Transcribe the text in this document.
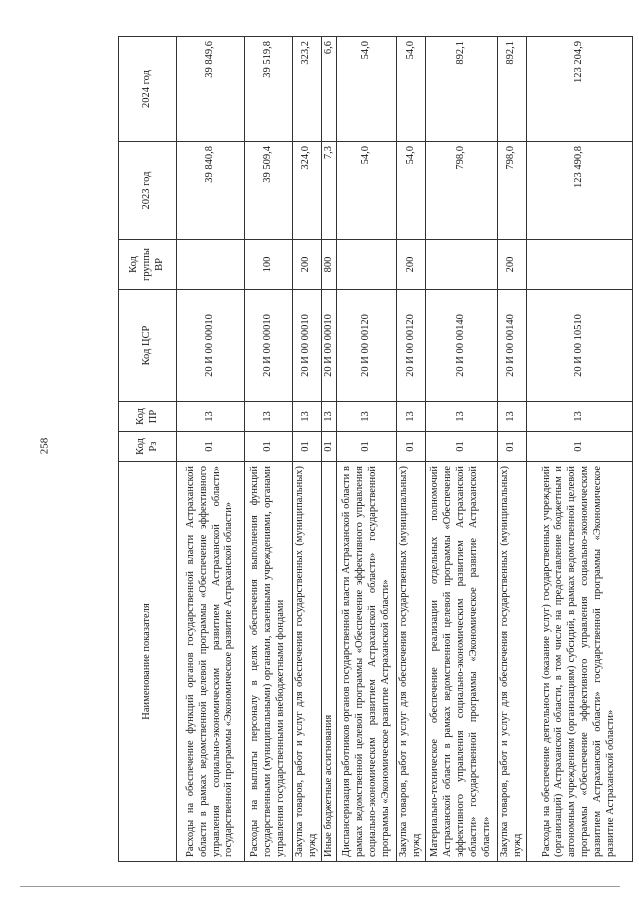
258
Наименование показателя	Код Рз	Код ПР	Код ЦСР	Код группы ВР	2023 год	2024 год
Расходы на обеспечение функций органов государственной власти Астраханской области в рамках ведомственной целевой программы «Обеспечение эффективного управления социально-экономическим развитием Астраханской области» государственной программы «Экономическое развитие Астраханской области»	01	13	20 И 00 00010		39 840,8	39 849,6
Расходы на выплаты персоналу в целях обеспечения выполнения функций государственными (муниципальными) органами, казенными учреждениями, органами управления государственными внебюджетными фондами	01	13	20 И 00 00010	100	39 509,4	39 519,8
Закупка товаров, работ и услуг для обеспечения государственных (муниципальных) нужд	01	13	20 И 00 00010	200	324,0	323,2
Иные бюджетные ассигнования	01	13	20 И 00 00010	800	7,3	6,6
Диспансеризация работников органов государственной власти Астраханской области в рамках ведомственной целевой программы «Обеспечение эффективного управления социально-экономическим развитием Астраханской области» государственной программы «Экономическое развитие Астраханской области»	01	13	20 И 00 00120		54,0	54,0
Закупка товаров, работ и услуг для обеспечения государственных (муниципальных) нужд	01	13	20 И 00 00120	200	54,0	54,0
Материально-техническое обеспечение реализации отдельных полномочий Астраханской области в рамках ведомственной целевой программы «Обеспечение эффективного управления социально-экономическим развитием Астраханской области» государственной программы «Экономическое развитие Астраханской области»	01	13	20 И 00 00140		798,0	892,1
Закупка товаров, работ и услуг для обеспечения государственных (муниципальных) нужд	01	13	20 И 00 00140	200	798,0	892,1
Расходы на обеспечение деятельности (оказание услуг) государственных учреждений (организаций) Астраханской области, в том числе на предоставление бюджетным и автономным учреждениям (организациям) субсидий, в рамках ведомственной целевой программы «Обеспечение эффективного управления социально-экономическим развитием Астраханской области» государственной программы «Экономическое развитие Астраханской области»	01	13	20 И 00 10510		123 490,8	123 204,9
